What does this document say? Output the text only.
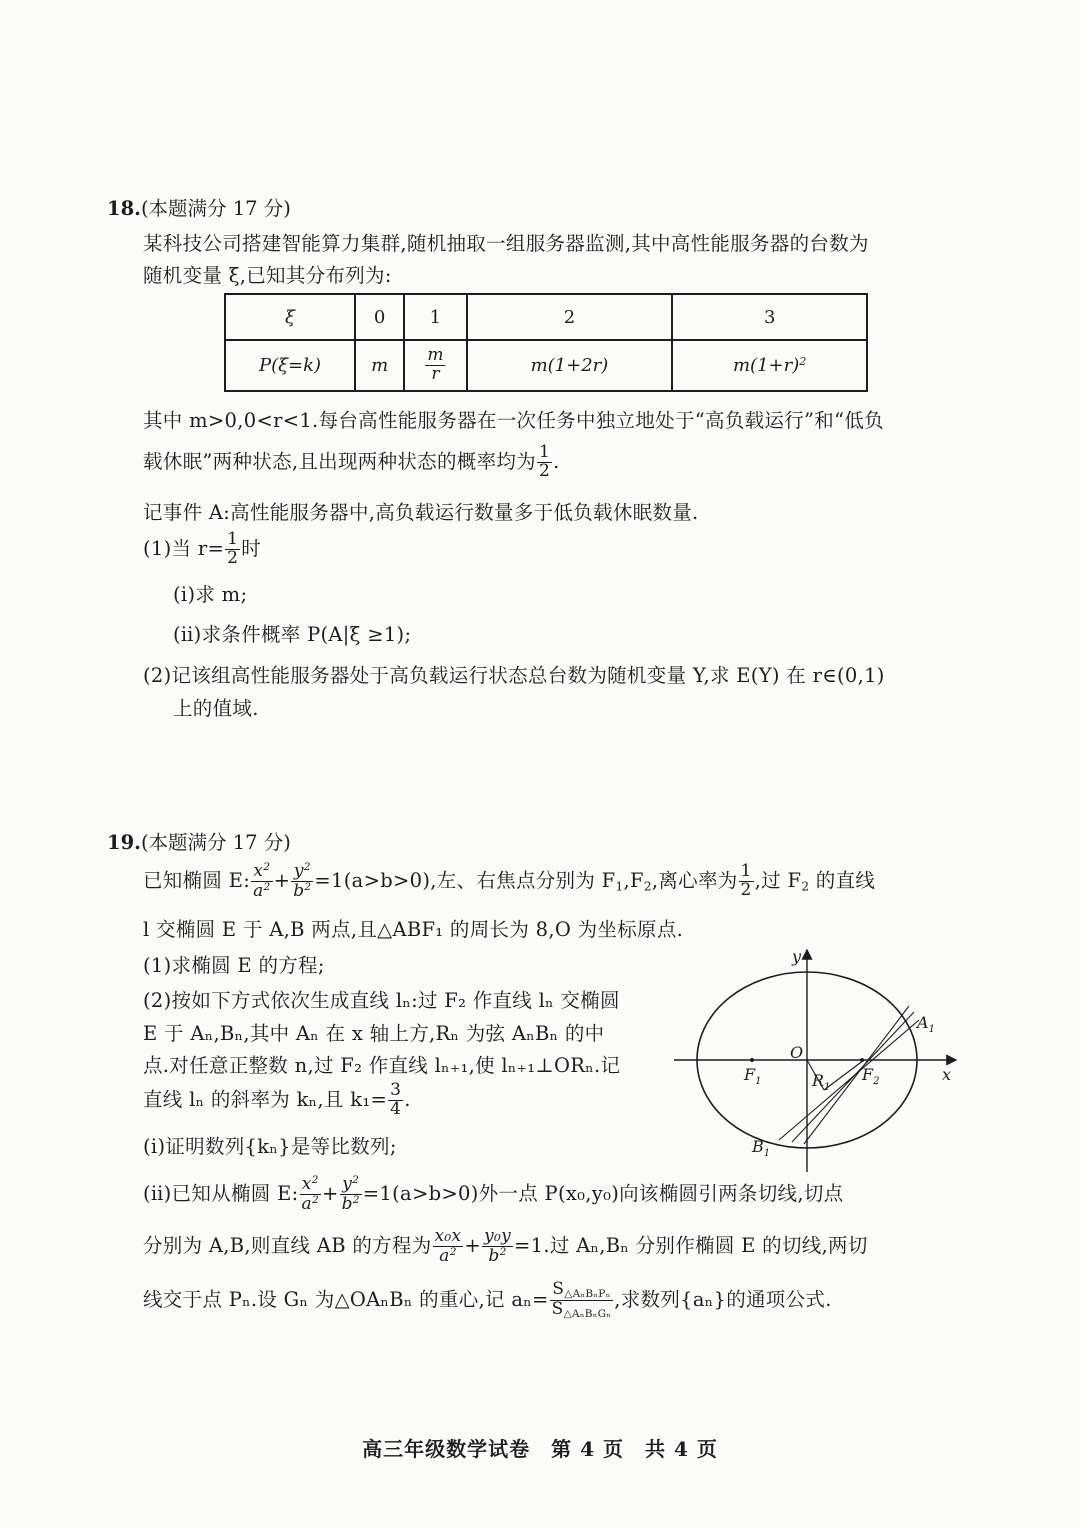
18.(本题满分 17 分)
某科技公司搭建智能算力集群,随机抽取一组服务器监测,其中高性能服务器的台数为
随机变量 ξ,已知其分布列为:
ξ	0	1	2	3
P(ξ=k)	m	$\frac{m}{r}$	m(1+2r)	$m(1+r)^2$
其中 m>0,0<r<1.每台高性能服务器在一次任务中独立地处于“高负载运行”和“低负
载休眠”两种状态,且出现两种状态的概率均为 $\frac{1}{2}$ .
记事件 A:高性能服务器中,高负载运行数量多于低负载休眠数量.
(1)当 $r= \frac{1}{2}$ 时
(ⅰ)求 m;
(ⅱ)求条件概率 P(A|ξ ≥1);
(2)记该组高性能服务器处于高负载运行状态总台数为随机变量 Y,求 E(Y) 在 r∈(0,1)
上的值域.
19.(本题满分 17 分)
已知椭圆 E: $\frac{x^2}{a^2} + \frac{y^2}{b^2} =1(a>b>0)$,左、右焦点分别为 $F_1,F_2$,离心率为 $\frac{1}{2}$ ,过 $F_2$ 的直线
l 交椭圆 E 于 A,B 两点,且△ABF₁ 的周长为 8,O 为坐标原点.
(1)求椭圆 E 的方程;
(2)按如下方式依次生成直线 lₙ:过 F₂ 作直线 lₙ 交椭圆
E 于 Aₙ,Bₙ,其中 Aₙ 在 x 轴上方,Rₙ 为弦 AₙBₙ 的中
点.对任意正整数 n,过 F₂ 作直线 lₙ₊₁,使 lₙ₊₁⊥ORₙ.记
直线 lₙ 的斜率为 kₙ,且 $k_1= \frac{3}{4}$ .
(ⅰ)证明数列{kₙ}是等比数列;
(ⅱ)已知从椭圆 E: $\frac{x^2}{a^2} + \frac{y^2}{b^2} =1(a>b>0)$外一点 P(x₀,y₀)向该椭圆引两条切线,切点
分别为 A,B,则直线 AB 的方程为 $\frac{\text{x₀x}}{a^2} + \frac{\text{y₀y}}{b^2} =1$.过 Aₙ,Bₙ 分别作椭圆 E 的切线,两切
线交于点 Pₙ.设 Gₙ 为△OAₙBₙ 的重心,记 $a_n= S_{\triangle A_nB_nP_n}$
$S_{\triangle A_nB_nG_n}$
,求数列{aₙ}的通项公式.
y
x
O
$F_1$	$F_2$
$R_1$
$A_1$
$B_1$
高三年级数学试卷　第 4 页　共 4 页
